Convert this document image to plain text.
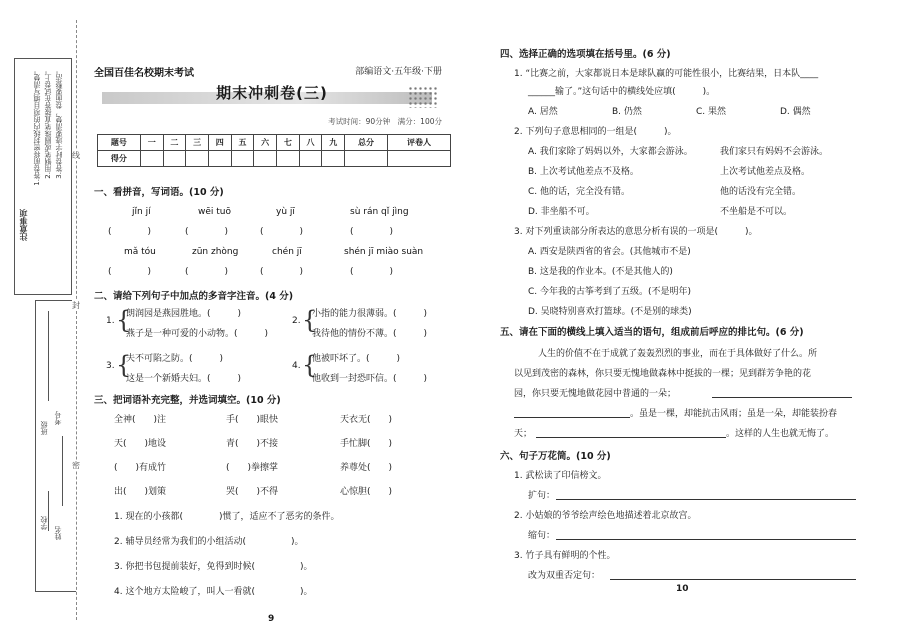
注意事项
1.答卷前将密封线内的项目填写清楚。 2.用钢笔或圆珠笔直接答在试卷上。 3.答卷时字迹要清楚，卷面要整洁。
学校
姓名
班级
考号
线
封
密
全国百佳名校期末考试	部编语文·五年级·下册
期末冲刺卷(三)
考试时间：90分钟　满分：100分
题号	一	二	三	四	五	六	七	八	九	总分	评卷人
得分											
一、看拼音，写词语。(10 分)
jǐn jí	wēi tuō	yù jī	sù rán qǐ jìng
(　　　　)	(　　　　)	(　　　　)	(　　　　)
mǎ tóu	zūn zhòng	chén jī	shén jī miào suàn
(　　　　)	(　　　　)	(　　　　)	(　　　　)
二、请给下列句子中加点的多音字注音。(4 分)
1. {
朗润园是燕园胜地。(　　　)
燕子是一种可爱的小动物。(　　　)
2. {
小指的能力很薄弱。(　　　)
我待他的情份不薄。(　　　)
3. {
夫不可陷之防。(　　　)
这是一个新婚夫妇。(　　　)
4. {
他被吓坏了。(　　　)
他收到一封恐吓信。(　　　)
三、把词语补充完整，并选词填空。(10 分)
全神(　　)注	手(　　)眼快	天衣无(　　)
天(　　)地设	青(　　)不接	手忙脚(　　)
(　　)有成竹	(　　)拳擦掌	养尊处(　　)
出(　　)划策	哭(　　)不得	心惊胆(　　)
1. 现在的小孩都(　　　　)惯了，适应不了恶劣的条件。
2. 辅导员经常为我们的小组活动(　　　　　)。
3. 你把书包提前装好，免得到时候(　　　　　)。
4. 这个地方太险峻了，叫人一看就(　　　　　)。
9
四、选择正确的选项填在括号里。(6 分)
1. “比赛之前，大家都说日本是球队赢的可能性很小，比赛结果，日本队____
______输了。”这句话中的横线处应填(　　　)。
A. 居然	B. 仍然	C. 果然	D. 偶然
2. 下列句子意思相同的一组是(　　　)。
A. 我们家除了妈妈以外，大家都会游泳。	我们家只有妈妈不会游泳。
B. 上次考试他差点不及格。	上次考试他差点及格。
C. 他的话，完全没有错。	他的话没有完全错。
D. 非坐船不可。	不坐船是不可以。
3. 对下列重读部分所表达的意思分析有误的一项是(　　　)。
A. 西安是陕西省的省会。(其他城市不是)
B. 这是我的作业本。(不是其他人的)
C. 今年我的古筝考到了五级。(不是明年)
D. 吴晓特别喜欢打篮球。(不是别的球类)
五、请在下面的横线上填入适当的语句，组成前后呼应的排比句。(6 分)
人生的价值不在于成就了轰轰烈烈的事业，而在于具体做好了什么。所
以见到茂密的森林，你只要无愧地做森林中挺拔的一棵；见到群芳争艳的花
园，你只要无愧地做花园中普通的一朵；
。虽是一棵，却能抗击风雨；虽是一朵，却能装扮春
天；	。这样的人生也就无悔了。
六、句子万花筒。(10 分)
1. 武松读了印信榜文。
扩句：
2. 小姑娘的爷爷绘声绘色地描述着北京故宫。
缩句：
3. 竹子具有鲜明的个性。
改为双重否定句：
10
